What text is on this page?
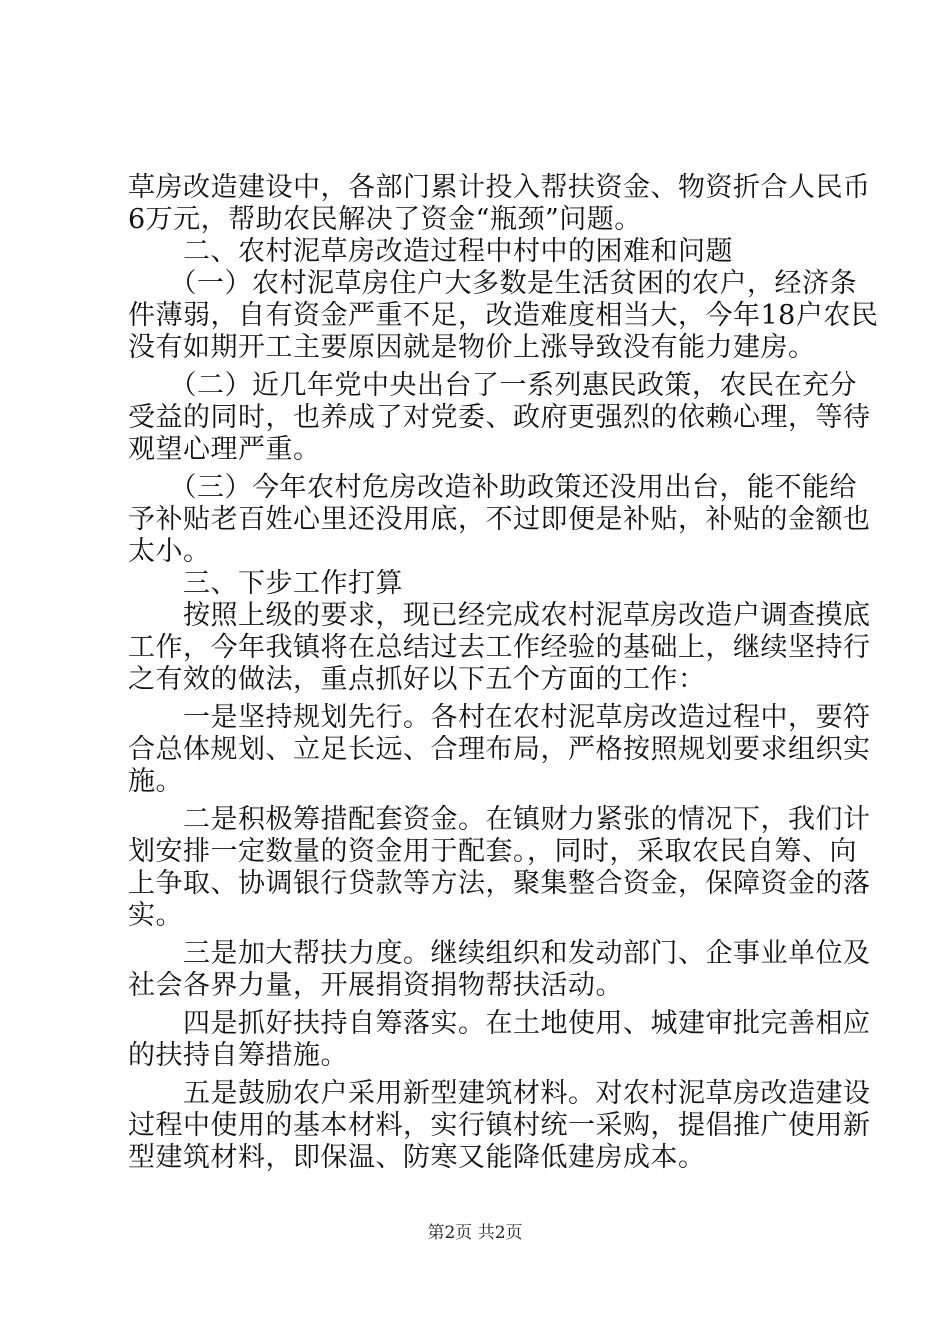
草房改造建设中，各部门累计投入帮扶资金、物资折合人民币
6万元，帮助农民解决了资金“瓶颈”问题。
　　二、农村泥草房改造过程中村中的困难和问题
　　（一）农村泥草房住户大多数是生活贫困的农户，经济条
件薄弱，自有资金严重不足，改造难度相当大，今年18户农民
没有如期开工主要原因就是物价上涨导致没有能力建房。
　　（二）近几年党中央出台了一系列惠民政策，农民在充分
受益的同时，也养成了对党委、政府更强烈的依赖心理，等待
观望心理严重。
　　（三）今年农村危房改造补助政策还没用出台，能不能给
予补贴老百姓心里还没用底，不过即便是补贴，补贴的金额也
太小。
　　三、下步工作打算
　　按照上级的要求，现已经完成农村泥草房改造户调查摸底
工作，今年我镇将在总结过去工作经验的基础上，继续坚持行
之有效的做法，重点抓好以下五个方面的工作：
　　一是坚持规划先行。各村在农村泥草房改造过程中，要符
合总体规划、立足长远、合理布局，严格按照规划要求组织实
施。
　　二是积极筹措配套资金。在镇财力紧张的情况下，我们计
划安排一定数量的资金用于配套。，同时，采取农民自筹、向
上争取、协调银行贷款等方法，聚集整合资金，保障资金的落
实。
　　三是加大帮扶力度。继续组织和发动部门、企事业单位及
社会各界力量，开展捐资捐物帮扶活动。
　　四是抓好扶持自筹落实。在土地使用、城建审批完善相应
的扶持自筹措施。
　　五是鼓励农户采用新型建筑材料。对农村泥草房改造建设
过程中使用的基本材料，实行镇村统一采购，提倡推广使用新
型建筑材料，即保温、防寒又能降低建房成本。
第2页 共2页
